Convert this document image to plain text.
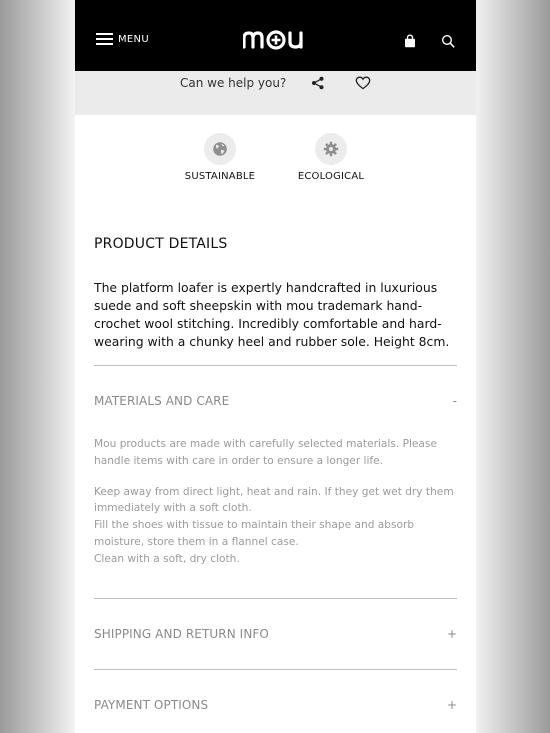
MENU
Can we help you?
SUSTAINABLE	ECOLOGICAL
PRODUCT DETAILS
The platform loafer is expertly handcrafted in luxurious suede and soft sheepskin with mou trademark hand-crochet wool stitching. Incredibly comfortable and hard-wearing with a chunky heel and rubber sole. Height 8cm.
MATERIALS AND CARE	-
Mou products are made with carefully selected materials. Please handle items with care in order to ensure a longer life.
Keep away from direct light, heat and rain. If they get wet dry them immediately with a soft cloth.
Fill the shoes with tissue to maintain their shape and absorb moisture, store them in a flannel case.
Clean with a soft, dry cloth.
SHIPPING AND RETURN INFO	+
PAYMENT OPTIONS	+
